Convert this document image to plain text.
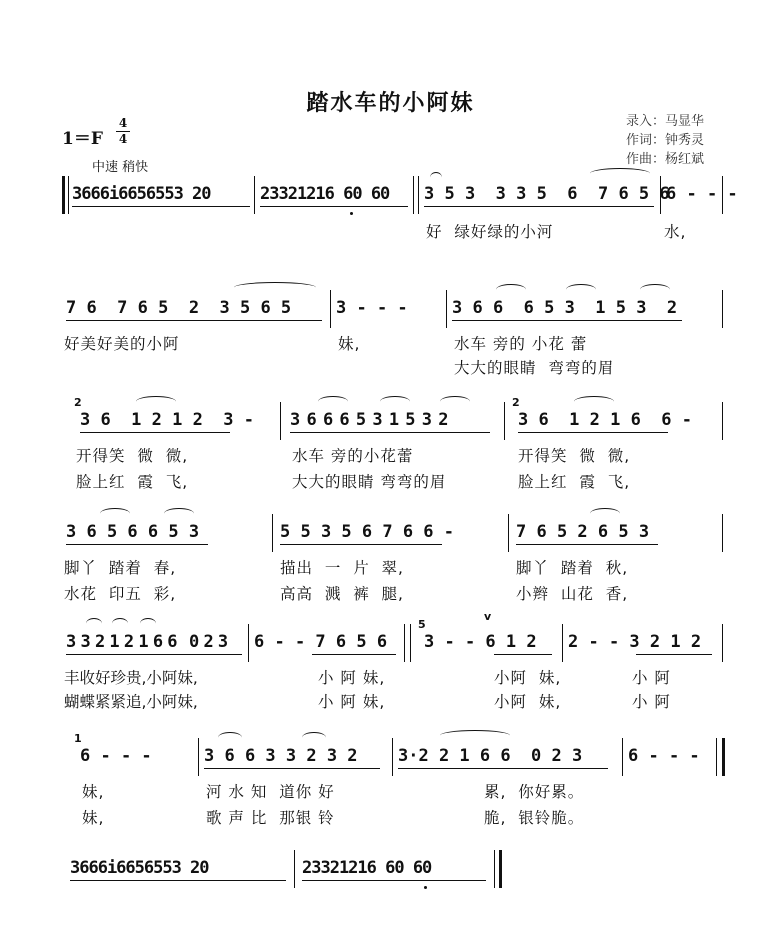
踏水车的小阿妹
录入：马显华
作词：钟秀灵
作曲：杨红斌
1＝F
4
4
中速 稍快
3666i6656553 20	23321216 60 60 3 5 3  3 3 5  6  7 6 5 6
6 - - -
好  绿好绿的小河	水,
7 6  7 6 5  2  3 5 6 5	3 - - -	3 6 6  6 5 3  1 5 3  2
好美好美的小阿	妹,	水车 旁的 小花 蕾
大大的眼睛  弯弯的眉
2
3 6  1 2 1 2  3 - 3 6 6 6 5 3 1 5 3 2
2
3 6  1 2 1 6  6 -
开得笑  微  微,	水车 旁的小花蕾	开得笑  微  微,
脸上红  霞  飞,	大大的眼睛 弯弯的眉	脸上红  霞  飞,
3 6 5 6 6 5 3	5 5 3 5 6 7 6 6 -	7 6 5 2 6 5 3
脚丫  踏着  春,	描出  一  片  翠,	脚丫  踏着  秋,
水花  印五  彩,	高高  溅  裤  腿,	小辫  山花  香,
3 3 2 1 2 1 6 6  0 2 3 6 - - 7 6 5 6
5
v
3 - - 6 1 2 2 - - 3 2 1 2
丰收好珍贵,小阿妹,	小 阿 妹,	小阿  妹,	小 阿
蝴蝶紧紧追,小阿妹,	小 阿 妹,	小阿  妹,	小 阿
1
6 - - -	3 6 6 3 3 2 3 2 3·2 2 1 6 6  0 2 3	6 - - -
妹,	河 水 知  道你 好	累,  你好累。
妹,	歌 声 比  那银 铃	脆,  银铃脆。
3666i6656553 20	23321216 60 60
